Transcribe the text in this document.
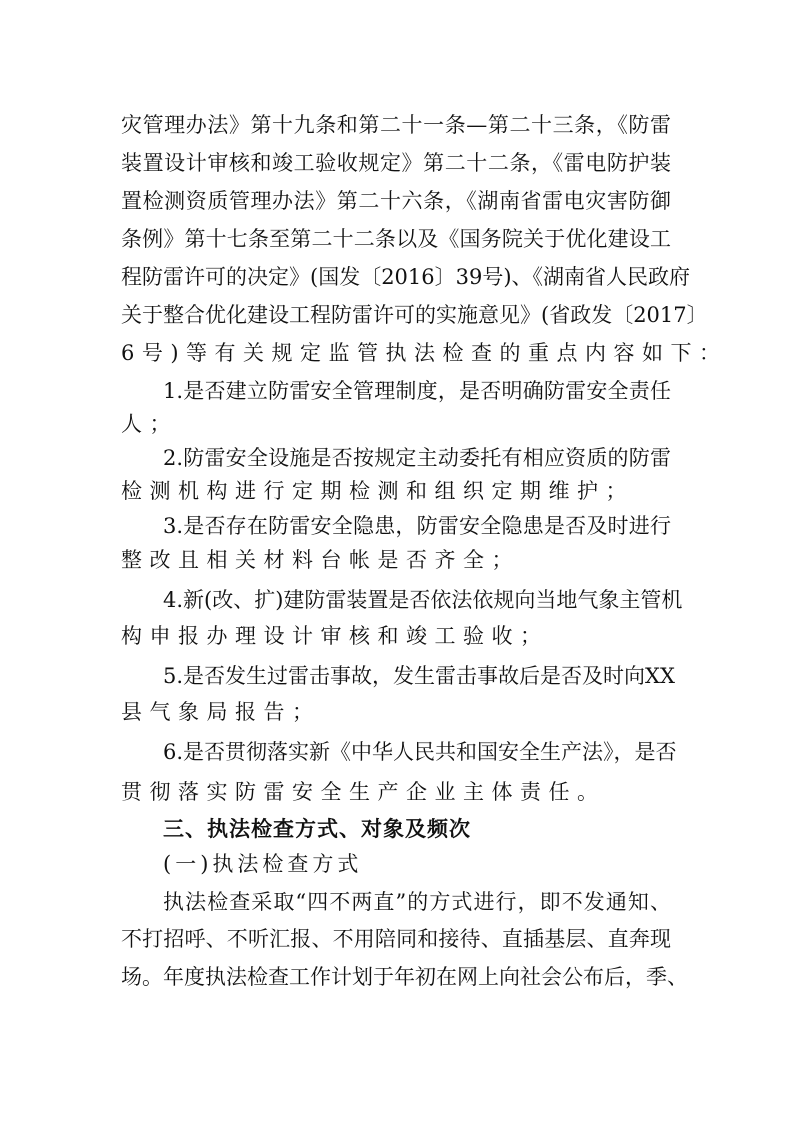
灾管理办法》第十九条和第二十一条—第二十三条，《防雷
装置设计审核和竣工验收规定》第二十二条，《雷电防护装
置检测资质管理办法》第二十六条，《湖南省雷电灾害防御
条例》第十七条至第二十二条以及《国务院关于优化建设工
程防雷许可的决定》(国发〔2016〕39号)、《湖南省人民政府
关于整合优化建设工程防雷许可的实施意见》(省政发〔2017〕
6号)等有关规定监管执法检查的重点内容如下：
1.是否建立防雷安全管理制度，是否明确防雷安全责任
人；
2.防雷安全设施是否按规定主动委托有相应资质的防雷
检测机构进行定期检测和组织定期维护；
3.是否存在防雷安全隐患，防雷安全隐患是否及时进行
整改且相关材料台帐是否齐全；
4.新(改、扩)建防雷装置是否依法依规向当地气象主管机
构申报办理设计审核和竣工验收；
5.是否发生过雷击事故，发生雷击事故后是否及时向XX
县气象局报告；
6.是否贯彻落实新《中华人民共和国安全生产法》，是否
贯彻落实防雷安全生产企业主体责任。
三、执法检查方式、对象及频次
(一)执法检查方式
执法检查采取“四不两直”的方式进行，即不发通知、
不打招呼、不听汇报、不用陪同和接待、直插基层、直奔现
场。年度执法检查工作计划于年初在网上向社会公布后，季、
